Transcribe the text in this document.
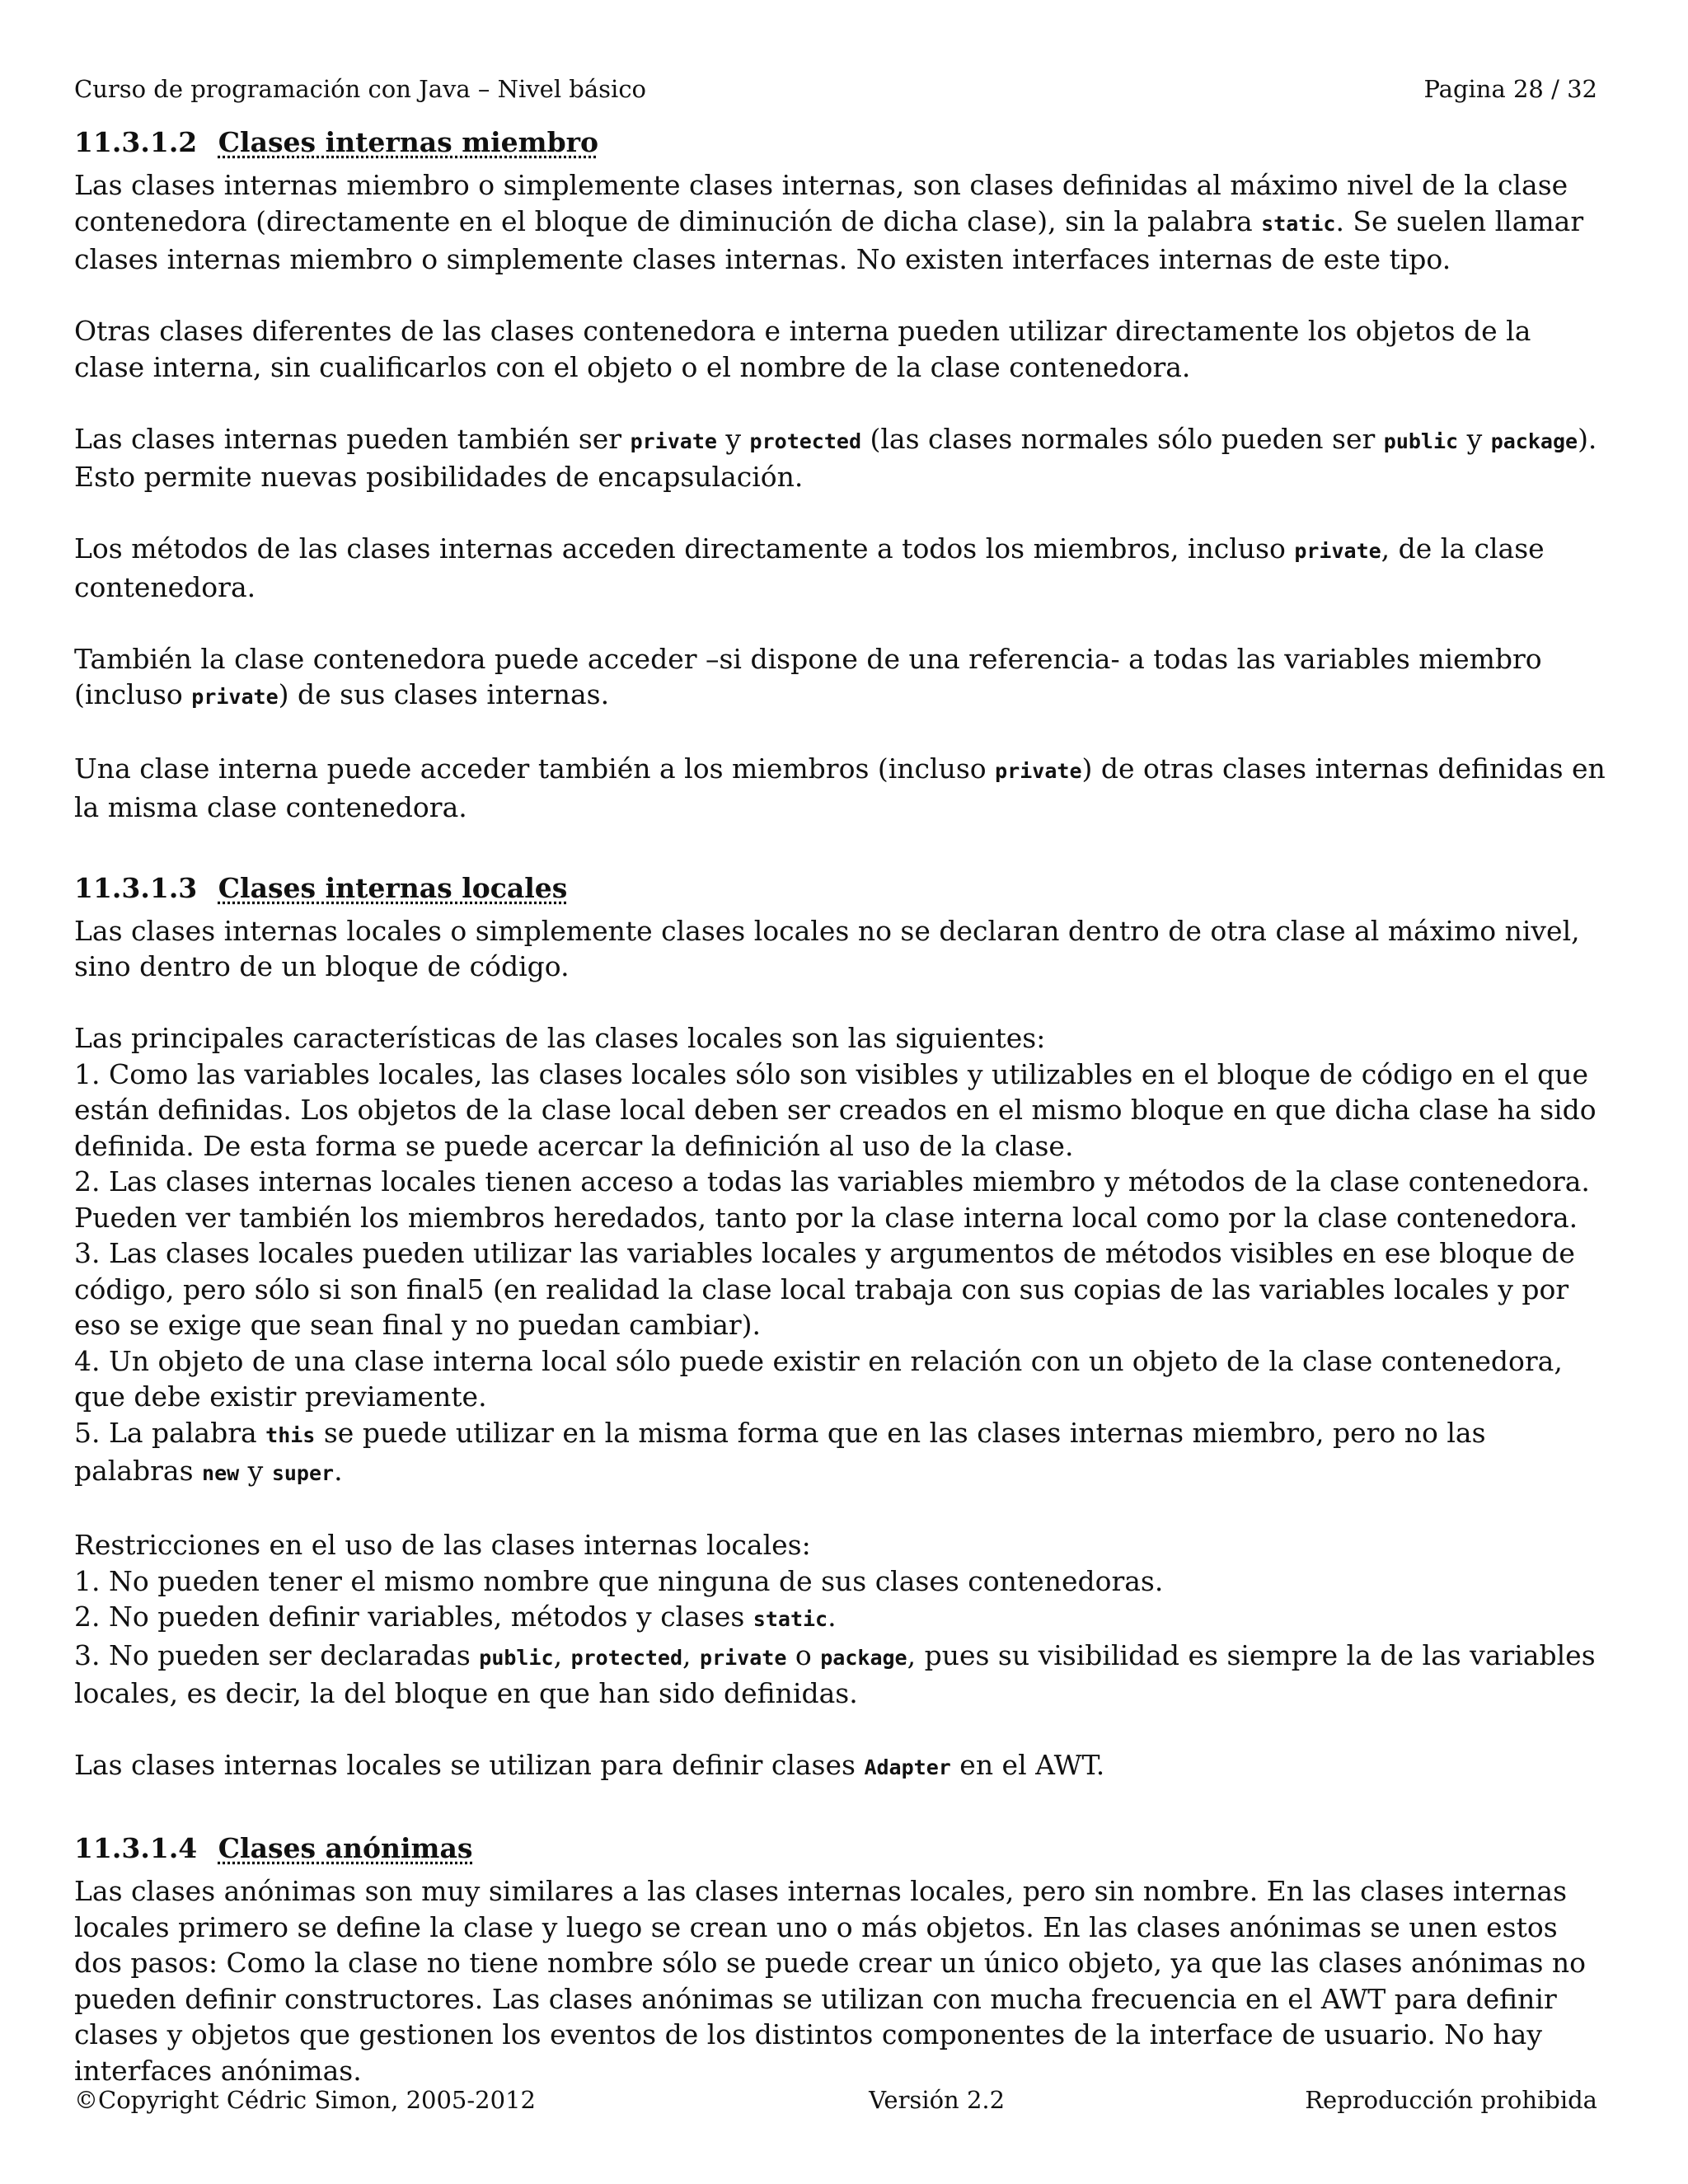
Curso de programación con Java – Nivel básico	Pagina 28 / 32
11.3.1.2 Clases internas miembro

Las clases internas miembro o simplemente clases internas, son clases definidas al máximo nivel de la clase contenedora (directamente en el bloque de diminución de dicha clase), sin la palabra static. Se suelen llamar clases internas miembro o simplemente clases internas. No existen interfaces internas de este tipo.

Otras clases diferentes de las clases contenedora e interna pueden utilizar directamente los objetos de la clase interna, sin cualificarlos con el objeto o el nombre de la clase contenedora.

Las clases internas pueden también ser private y protected (las clases normales sólo pueden ser public y package). Esto permite nuevas posibilidades de encapsulación.

Los métodos de las clases internas acceden directamente a todos los miembros, incluso private, de la clase contenedora.

También la clase contenedora puede acceder –si dispone de una referencia- a todas las variables miembro (incluso private) de sus clases internas.

Una clase interna puede acceder también a los miembros (incluso private) de otras clases internas definidas en la misma clase contenedora.

11.3.1.3 Clases internas locales

Las clases internas locales o simplemente clases locales no se declaran dentro de otra clase al máximo nivel, sino dentro de un bloque de código.

Las principales características de las clases locales son las siguientes:
1. Como las variables locales, las clases locales sólo son visibles y utilizables en el bloque de código en el que están definidas. Los objetos de la clase local deben ser creados en el mismo bloque en que dicha clase ha sido definida. De esta forma se puede acercar la definición al uso de la clase.
2. Las clases internas locales tienen acceso a todas las variables miembro y métodos de la clase contenedora. Pueden ver también los miembros heredados, tanto por la clase interna local como por la clase contenedora.
3. Las clases locales pueden utilizar las variables locales y argumentos de métodos visibles en ese bloque de código, pero sólo si son final5 (en realidad la clase local trabaja con sus copias de las variables locales y por eso se exige que sean final y no puedan cambiar).
4. Un objeto de una clase interna local sólo puede existir en relación con un objeto de la clase contenedora, que debe existir previamente.
5. La palabra this se puede utilizar en la misma forma que en las clases internas miembro, pero no las palabras new y super.
Restricciones en el uso de las clases internas locales:
1. No pueden tener el mismo nombre que ninguna de sus clases contenedoras.
2. No pueden definir variables, métodos y clases static.
3. No pueden ser declaradas public, protected, private o package, pues su visibilidad es siempre la de las variables locales, es decir, la del bloque en que han sido definidas.

Las clases internas locales se utilizan para definir clases Adapter en el AWT.

11.3.1.4 Clases anónimas

Las clases anónimas son muy similares a las clases internas locales, pero sin nombre. En las clases internas locales primero se define la clase y luego se crean uno o más objetos. En las clases anónimas se unen estos dos pasos: Como la clase no tiene nombre sólo se puede crear un único objeto, ya que las clases anónimas no pueden definir constructores. Las clases anónimas se utilizan con mucha frecuencia en el AWT para definir clases y objetos que gestionen los eventos de los distintos componentes de la interface de usuario. No hay interfaces anónimas.

©Copyright Cédric Simon, 2005-2012	Versión 2.2	Reproducción prohibida
